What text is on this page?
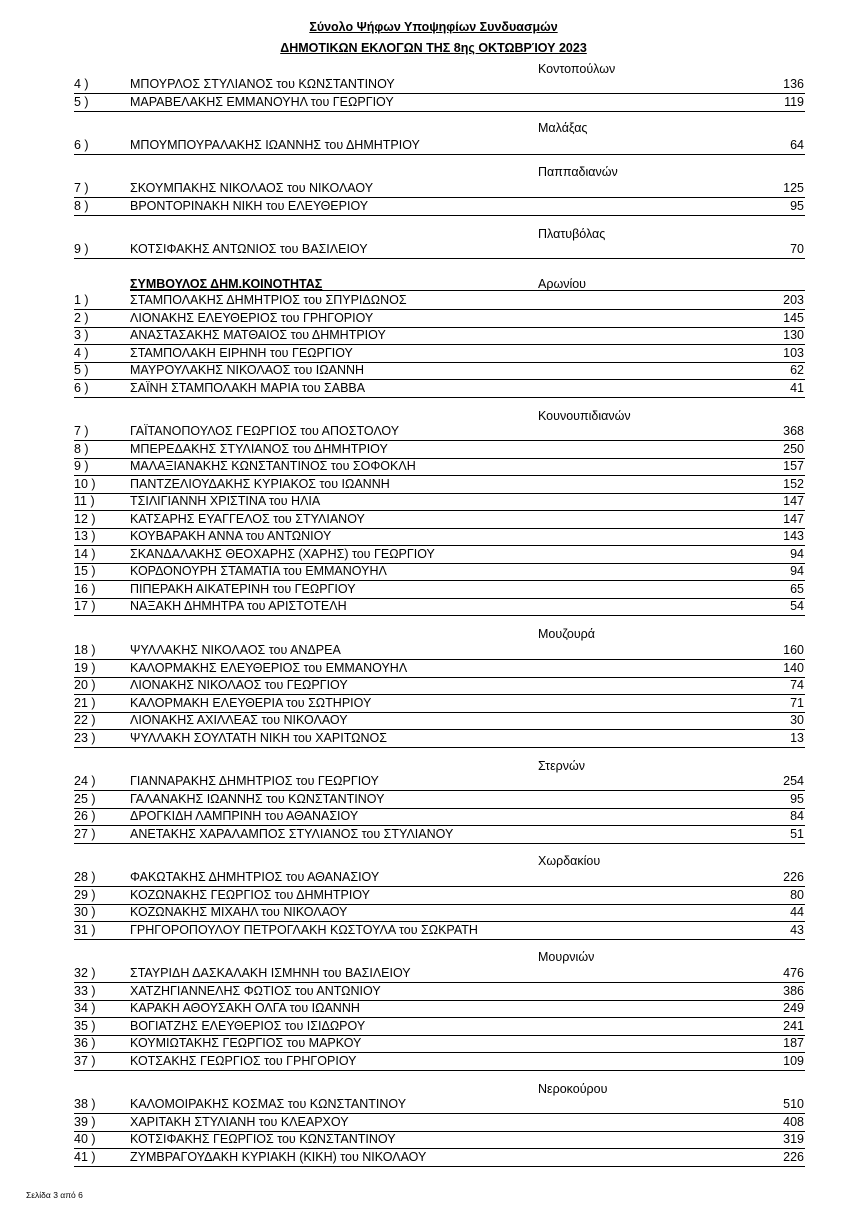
Σύνολο Ψήφων Υποψηφίων Συνδυασμών
ΔΗΜΟΤΙΚΩΝ ΕΚΛΟΓΩΝ ΤΗΣ 8ης ΟΚΤΩΒΡΊΟΥ 2023
ΣΥΜΒΟΥΛΟΣ ΔΗΜ.ΚΟΙΝΟΤΗΤΑΣ
Κοντοπούλων
4 )	ΜΠΟΥΡΛΟΣ ΣΤΥΛΙΑΝΟΣ του ΚΩΝΣΤΑΝΤΙΝΟΥ	136
5 )	ΜΑΡΑΒΕΛΑΚΗΣ ΕΜΜΑΝΟΥΗΛ του ΓΕΩΡΓΙΟΥ	119
Μαλάξας
6 )	ΜΠΟΥΜΠΟΥΡΑΛΑΚΗΣ ΙΩΑΝΝΗΣ του ΔΗΜΗΤΡΙΟΥ	64
Παππαδιανών
7 )	ΣΚΟΥΜΠΑΚΗΣ ΝΙΚΟΛΑΟΣ του ΝΙΚΟΛΑΟΥ	125
8 )	ΒΡΟΝΤΟΡΙΝΑΚΗ ΝΙΚΗ του ΕΛΕΥΘΕΡΙΟΥ	95
Πλατυβόλας
9 )	ΚΟΤΣΙΦΑΚΗΣ ΑΝΤΩΝΙΟΣ του ΒΑΣΙΛΕΙΟΥ	70
Αρωνίου
1 )	ΣΤΑΜΠΟΛΑΚΗΣ ΔΗΜΗΤΡΙΟΣ του ΣΠΥΡΙΔΩΝΟΣ	203
2 )	ΛΙΟΝΑΚΗΣ ΕΛΕΥΘΕΡΙΟΣ του ΓΡΗΓΟΡΙΟΥ	145
3 )	ΑΝΑΣΤΑΣΑΚΗΣ ΜΑΤΘΑΙΟΣ του ΔΗΜΗΤΡΙΟΥ	130
4 )	ΣΤΑΜΠΟΛΑΚΗ ΕΙΡΗΝΗ του ΓΕΩΡΓΙΟΥ	103
5 )	ΜΑΥΡΟΥΛΑΚΗΣ ΝΙΚΟΛΑΟΣ του ΙΩΑΝΝΗ	62
6 )	ΣΑΪΝΗ ΣΤΑΜΠΟΛΑΚΗ ΜΑΡΙΑ του ΣΑΒΒΑ	41
Κουνουπιδιανών
7 )	ΓΑΪΤΑΝΟΠΟΥΛΟΣ ΓΕΩΡΓΙΟΣ του ΑΠΟΣΤΟΛΟΥ	368
8 )	ΜΠΕΡΕΔΑΚΗΣ ΣΤΥΛΙΑΝΟΣ του ΔΗΜΗΤΡΙΟΥ	250
9 )	ΜΑΛΑΞΙΑΝΑΚΗΣ ΚΩΝΣΤΑΝΤΙΝΟΣ του ΣΟΦΟΚΛΗ	157
10 )	ΠΑΝΤΖΕΛΙΟΥΔΑΚΗΣ ΚΥΡΙΑΚΟΣ του ΙΩΑΝΝΗ	152
11 )	ΤΣΙΛΙΓΙΑΝΝΗ ΧΡΙΣΤΙΝΑ του ΗΛΙΑ	147
12 )	ΚΑΤΣΑΡΗΣ ΕΥΑΓΓΕΛΟΣ του ΣΤΥΛΙΑΝΟΥ	147
13 )	ΚΟΥΒΑΡΑΚΗ ΑΝΝΑ του ΑΝΤΩΝΙΟΥ	143
14 )	ΣΚΑΝΔΑΛΑΚΗΣ ΘΕΟΧΑΡΗΣ (ΧΑΡΗΣ) του ΓΕΩΡΓΙΟΥ	94
15 )	ΚΟΡΔΟΝΟΥΡΗ ΣΤΑΜΑΤΙΑ του ΕΜΜΑΝΟΥΗΛ	94
16 )	ΠΙΠΕΡΑΚΗ ΑΙΚΑΤΕΡΙΝΗ του ΓΕΩΡΓΙΟΥ	65
17 )	ΝΑΞΑΚΗ ΔΗΜΗΤΡΑ του ΑΡΙΣΤΟΤΕΛΗ	54
Μουζουρά
18 )	ΨΥΛΛΑΚΗΣ ΝΙΚΟΛΑΟΣ του ΑΝΔΡΕΑ	160
19 )	ΚΑΛΟΡΜΑΚΗΣ ΕΛΕΥΘΕΡΙΟΣ του ΕΜΜΑΝΟΥΗΛ	140
20 )	ΛΙΟΝΑΚΗΣ ΝΙΚΟΛΑΟΣ του ΓΕΩΡΓΙΟΥ	74
21 )	ΚΑΛΟΡΜΑΚΗ ΕΛΕΥΘΕΡΙΑ του ΣΩΤΗΡΙΟΥ	71
22 )	ΛΙΟΝΑΚΗΣ ΑΧΙΛΛΕΑΣ του ΝΙΚΟΛΑΟΥ	30
23 )	ΨΥΛΛΑΚΗ ΣΟΥΛΤΑΤΗ ΝΙΚΗ του ΧΑΡΙΤΩΝΟΣ	13
Στερνών
24 )	ΓΙΑΝΝΑΡΑΚΗΣ ΔΗΜΗΤΡΙΟΣ του ΓΕΩΡΓΙΟΥ	254
25 )	ΓΑΛΑΝΑΚΗΣ ΙΩΑΝΝΗΣ του ΚΩΝΣΤΑΝΤΙΝΟΥ	95
26 )	ΔΡΟΓΚΙΔΗ ΛΑΜΠΡΙΝΗ του ΑΘΑΝΑΣΙΟΥ	84
27 )	ΑΝΕΤΑΚΗΣ ΧΑΡΑΛΑΜΠΟΣ ΣΤΥΛΙΑΝΟΣ του ΣΤΥΛΙΑΝΟΥ	51
Χωρδακίου
28 )	ΦΑΚΩΤΑΚΗΣ ΔΗΜΗΤΡΙΟΣ του ΑΘΑΝΑΣΙΟΥ	226
29 )	ΚΟΖΩΝΑΚΗΣ ΓΕΩΡΓΙΟΣ του ΔΗΜΗΤΡΙΟΥ	80
30 )	ΚΟΖΩΝΑΚΗΣ ΜΙΧΑΗΛ του ΝΙΚΟΛΑΟΥ	44
31 )	ΓΡΗΓΟΡΟΠΟΥΛΟΥ ΠΕΤΡΟΓΛΑΚΗ ΚΩΣΤΟΥΛΑ του ΣΩΚΡΑΤΗ	43
Μουρνιών
32 )	ΣΤΑΥΡΙΔΗ ΔΑΣΚΑΛΑΚΗ ΙΣΜΗΝΗ του ΒΑΣΙΛΕΙΟΥ	476
33 )	ΧΑΤΖΗΓΙΑΝΝΕΛΗΣ ΦΩΤΙΟΣ του ΑΝΤΩΝΙΟΥ	386
34 )	ΚΑΡΑΚΗ ΑΘΟΥΣΑΚΗ ΟΛΓΑ του ΙΩΑΝΝΗ	249
35 )	ΒΟΓΙΑΤΖΗΣ ΕΛΕΥΘΕΡΙΟΣ του ΙΣΙΔΩΡΟΥ	241
36 )	ΚΟΥΜΙΩΤΑΚΗΣ ΓΕΩΡΓΙΟΣ του ΜΑΡΚΟΥ	187
37 )	ΚΟΤΣΑΚΗΣ ΓΕΩΡΓΙΟΣ του ΓΡΗΓΟΡΙΟΥ	109
Νεροκούρου
38 )	ΚΑΛΟΜΟΙΡΑΚΗΣ ΚΟΣΜΑΣ του ΚΩΝΣΤΑΝΤΙΝΟΥ	510
39 )	ΧΑΡΙΤΑΚΗ ΣΤΥΛΙΑΝΗ του ΚΛΕΑΡΧΟΥ	408
40 )	ΚΟΤΣΙΦΑΚΗΣ ΓΕΩΡΓΙΟΣ του ΚΩΝΣΤΑΝΤΙΝΟΥ	319
41 )	ΖΥΜΒΡΑΓΟΥΔΑΚΗ ΚΥΡΙΑΚΗ (ΚΙΚΗ) του ΝΙΚΟΛΑΟΥ	226
Σελίδα 3 από 6
